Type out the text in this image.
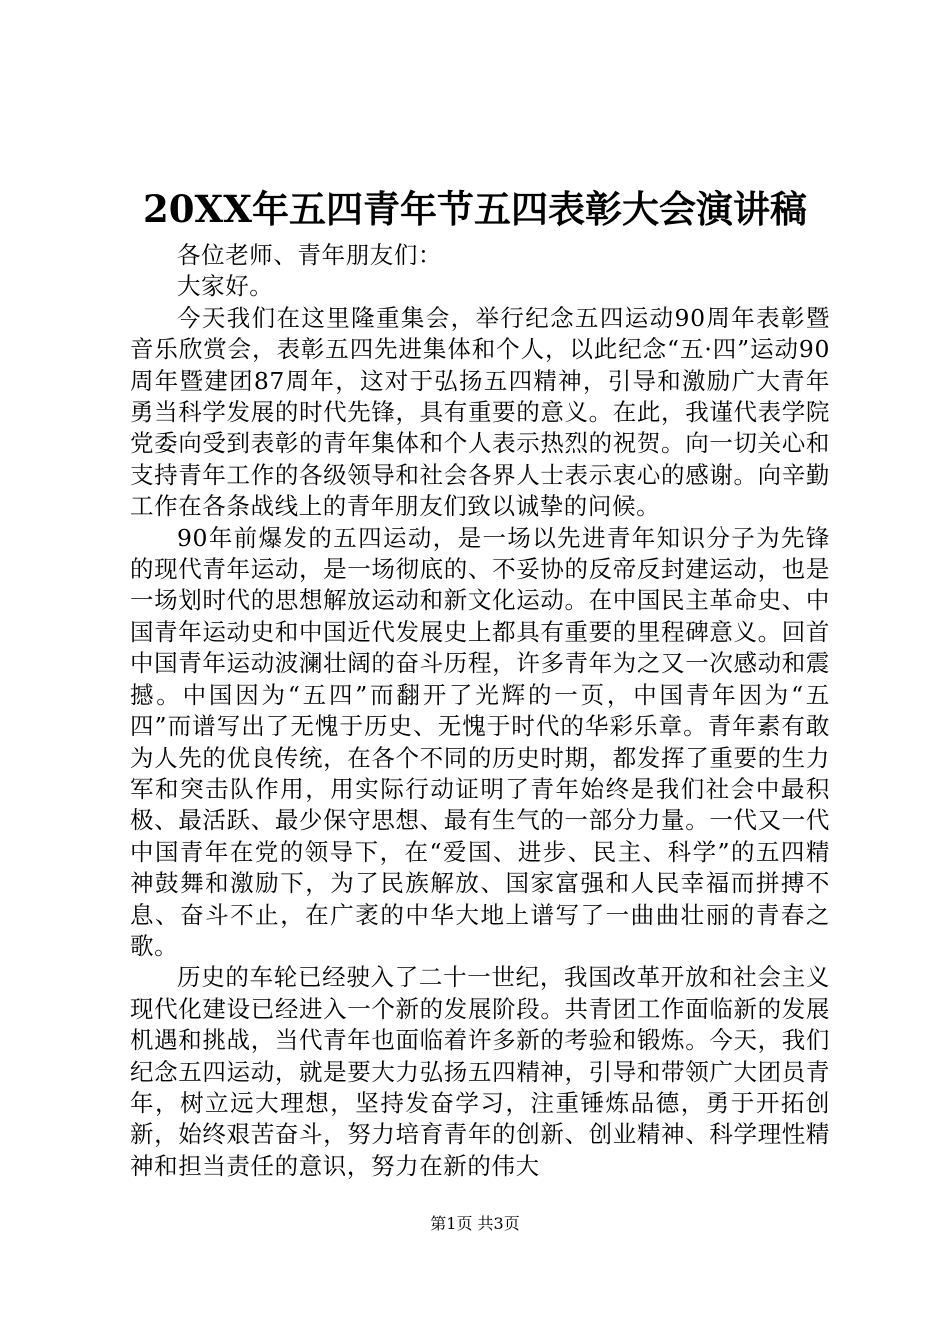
20XX年五四青年节五四表彰大会演讲稿

各位老师、青年朋友们：

大家好。

今天我们在这里隆重集会，举行纪念五四运动90周年表彰暨音乐欣赏会，表彰五四先进集体和个人，以此纪念“五·四”运动90周年暨建团87周年，这对于弘扬五四精神，引导和激励广大青年勇当科学发展的时代先锋，具有重要的意义。在此，我谨代表学院党委向受到表彰的青年集体和个人表示热烈的祝贺。向一切关心和支持青年工作的各级领导和社会各界人士表示衷心的感谢。向辛勤工作在各条战线上的青年朋友们致以诚挚的问候。

90年前爆发的五四运动，是一场以先进青年知识分子为先锋的现代青年运动，是一场彻底的、不妥协的反帝反封建运动，也是一场划时代的思想解放运动和新文化运动。在中国民主革命史、中国青年运动史和中国近代发展史上都具有重要的里程碑意义。回首中国青年运动波澜壮阔的奋斗历程，许多青年为之又一次感动和震撼。中国因为“五四”而翻开了光辉的一页，中国青年因为“五四”而谱写出了无愧于历史、无愧于时代的华彩乐章。青年素有敢为人先的优良传统，在各个不同的历史时期，都发挥了重要的生力军和突击队作用，用实际行动证明了青年始终是我们社会中最积极、最活跃、最少保守思想、最有生气的一部分力量。一代又一代中国青年在党的领导下，在“爱国、进步、民主、科学”的五四精神鼓舞和激励下，为了民族解放、国家富强和人民幸福而拼搏不息、奋斗不止，在广袤的中华大地上谱写了一曲曲壮丽的青春之歌。

历史的车轮已经驶入了二十一世纪，我国改革开放和社会主义现代化建设已经进入一个新的发展阶段。共青团工作面临新的发展机遇和挑战，当代青年也面临着许多新的考验和锻炼。今天，我们纪念五四运动，就是要大力弘扬五四精神，引导和带领广大团员青年，树立远大理想，坚持发奋学习，注重锤炼品德，勇于开拓创新，始终艰苦奋斗，努力培育青年的创新、创业精神、科学理性精神和担当责任的意识，努力在新的伟大

第1页 共3页
